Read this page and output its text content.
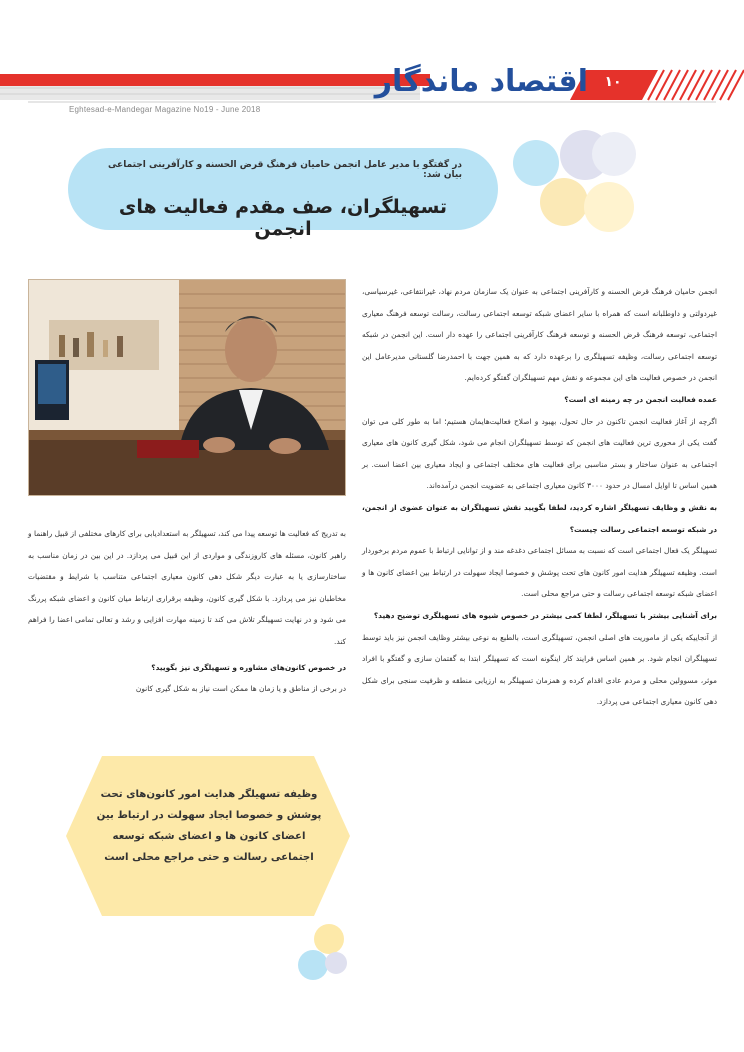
اقتصاد ماندگار ۱۰
Eghtesad-e-Mandegar Magazine No19 - June 2018
در گفتگو با مدیر عامل انجمن حامیان فرهنگ قرض الحسنه و کارآفرینی اجتماعی بیان شد:
تسهیلگران، صف مقدم فعالیت های انجمن

انجمن حامیان فرهنگ قرض الحسنه و کارآفرینی اجتماعی به عنوان یک سازمان مردم نهاد، غیرانتفاعی، غیرسیاسی، غیردولتی و داوطلبانه است که همراه با سایر اعضای شبکه توسعه اجتماعی رسالت، رسالت توسعه فرهنگ معیاری اجتماعی، توسعه فرهنگ قرض الحسنه و توسعه فرهنگ کارآفرینی اجتماعی را عهده دار است. این انجمن در شبکه توسعه اجتماعی رسالت، وظیفه تسهیلگری را برعهده دارد که به همین جهت با احمدرضا گلستانی مدیرعامل این انجمن در خصوص فعالیت های این مجموعه و نقش مهم تسهیلگران گفتگو کرده‌ایم.

عمده فعالیت انجمن در چه زمینه ای است؟

اگرچه از آغاز فعالیت انجمن تاکنون در حال تحول، بهبود و اصلاح فعالیت‌هایمان هستیم؛ اما به طور کلی می توان گفت یکی از محوری ترین فعالیت های انجمن که توسط تسهیلگران انجام می شود، شکل گیری کانون های معیاری اجتماعی به عنوان ساختار و بستر مناسبی برای فعالیت های مختلف اجتماعی و ایجاد معیاری بین اعضا است. بر همین اساس تا اوایل امسال در حدود ۳۰۰۰ کانون معیاری اجتماعی به عضویت انجمن درآمده‌اند.

به نقش و وظایف تسهیلگر اشاره کردید، لطفا بگویید نقش تسهیلگران به عنوان عضوی از انجمن، در شبکه توسعه اجتماعی رسالت چیست؟

تسهیلگر یک فعال اجتماعی است که نسبت به مسائل اجتماعی دغدغه مند و از توانایی ارتباط با عموم مردم برخوردار است. وظیفه تسهیلگر هدایت امور کانون های تحت پوشش و خصوصا ایجاد سهولت در ارتباط بین اعضای کانون ها و اعضای شبکه توسعه اجتماعی رسالت و حتی مراجع محلی است.

برای آشنایی بیشتر با تسهیلگر، لطفا کمی بیشتر در خصوص شیوه های تسهیلگری توضیح دهید؟

از آنجاییکه یکی از ماموریت های اصلی انجمن، تسهیلگری است، بالطبع به نوعی بیشتر وظایف انجمن نیز باید توسط تسهیلگران انجام شود. بر همین اساس فرایند کار اینگونه است که تسهیلگر ابتدا به گفتمان سازی و گفتگو با افراد موثر، مسوولین محلی و مردم عادی اقدام کرده و همزمان تسهیلگر به ارزیابی منطقه و ظرفیت سنجی برای شکل دهی کانون معیاری اجتماعی می پردازد.

به تدریج که فعالیت ها توسعه پیدا می کند، تسهیلگر به استعدادیابی برای کارهای مختلفی از قبیل راهنما و راهبر کانون، مسئله های کاروزندگی و مواردی از این قبیل می پردازد. در این بین در زمان مناسب به ساختارسازی یا به عبارت دیگر شکل دهی کانون معیاری اجتماعی متناسب با شرایط و مقتضیات مخاطبان نیز می پردازد. با شکل گیری کانون، وظیفه برقراری ارتباط میان کانون و اعضای شبکه پررنگ می شود و در نهایت تسهیلگر تلاش می کند تا زمینه مهارت افزایی و رشد و تعالی تمامی اعضا را فراهم کند.

در خصوص کانون‌های مشاوره و تسهیلگری نیز بگویید؟

در برخی از مناطق و یا زمان ها ممکن است نیاز به شکل گیری کانون

وظیفه تسهیلگر هدایت امور کانون‌های تحت پوشش و خصوصا ایجاد سهولت در ارتباط بین اعضای کانون ها و اعضای شبکه توسعه اجتماعی رسالت و حتی مراجع محلی است
